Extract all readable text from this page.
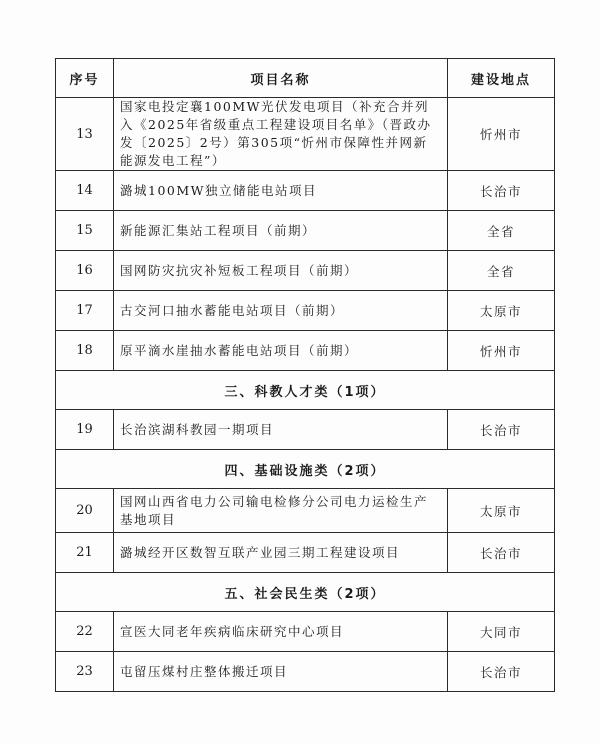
序号	项目名称	建设地点
13	国家电投定襄100MW光伏发电项目（补充合并列入《2025年省级重点工程建设项目名单》（晋政办发〔2025〕2号）第305项“忻州市保障性并网新能源发电工程”）	忻州市
14	潞城100MW独立储能电站项目	长治市
15	新能源汇集站工程项目（前期）	全省
16	国网防灾抗灾补短板工程项目（前期）	全省
17	古交河口抽水蓄能电站项目（前期）	太原市
18	原平滴水崖抽水蓄能电站项目（前期）	忻州市
三、科教人才类（1项）		
19	长治滨湖科教园一期项目	长治市
四、基础设施类（2项）		
20	国网山西省电力公司输电检修分公司电力运检生产基地项目	太原市
21	潞城经开区数智互联产业园三期工程建设项目	长治市
五、社会民生类（2项）		
22	宣医大同老年疾病临床研究中心项目	大同市
23	屯留压煤村庄整体搬迁项目	长治市
